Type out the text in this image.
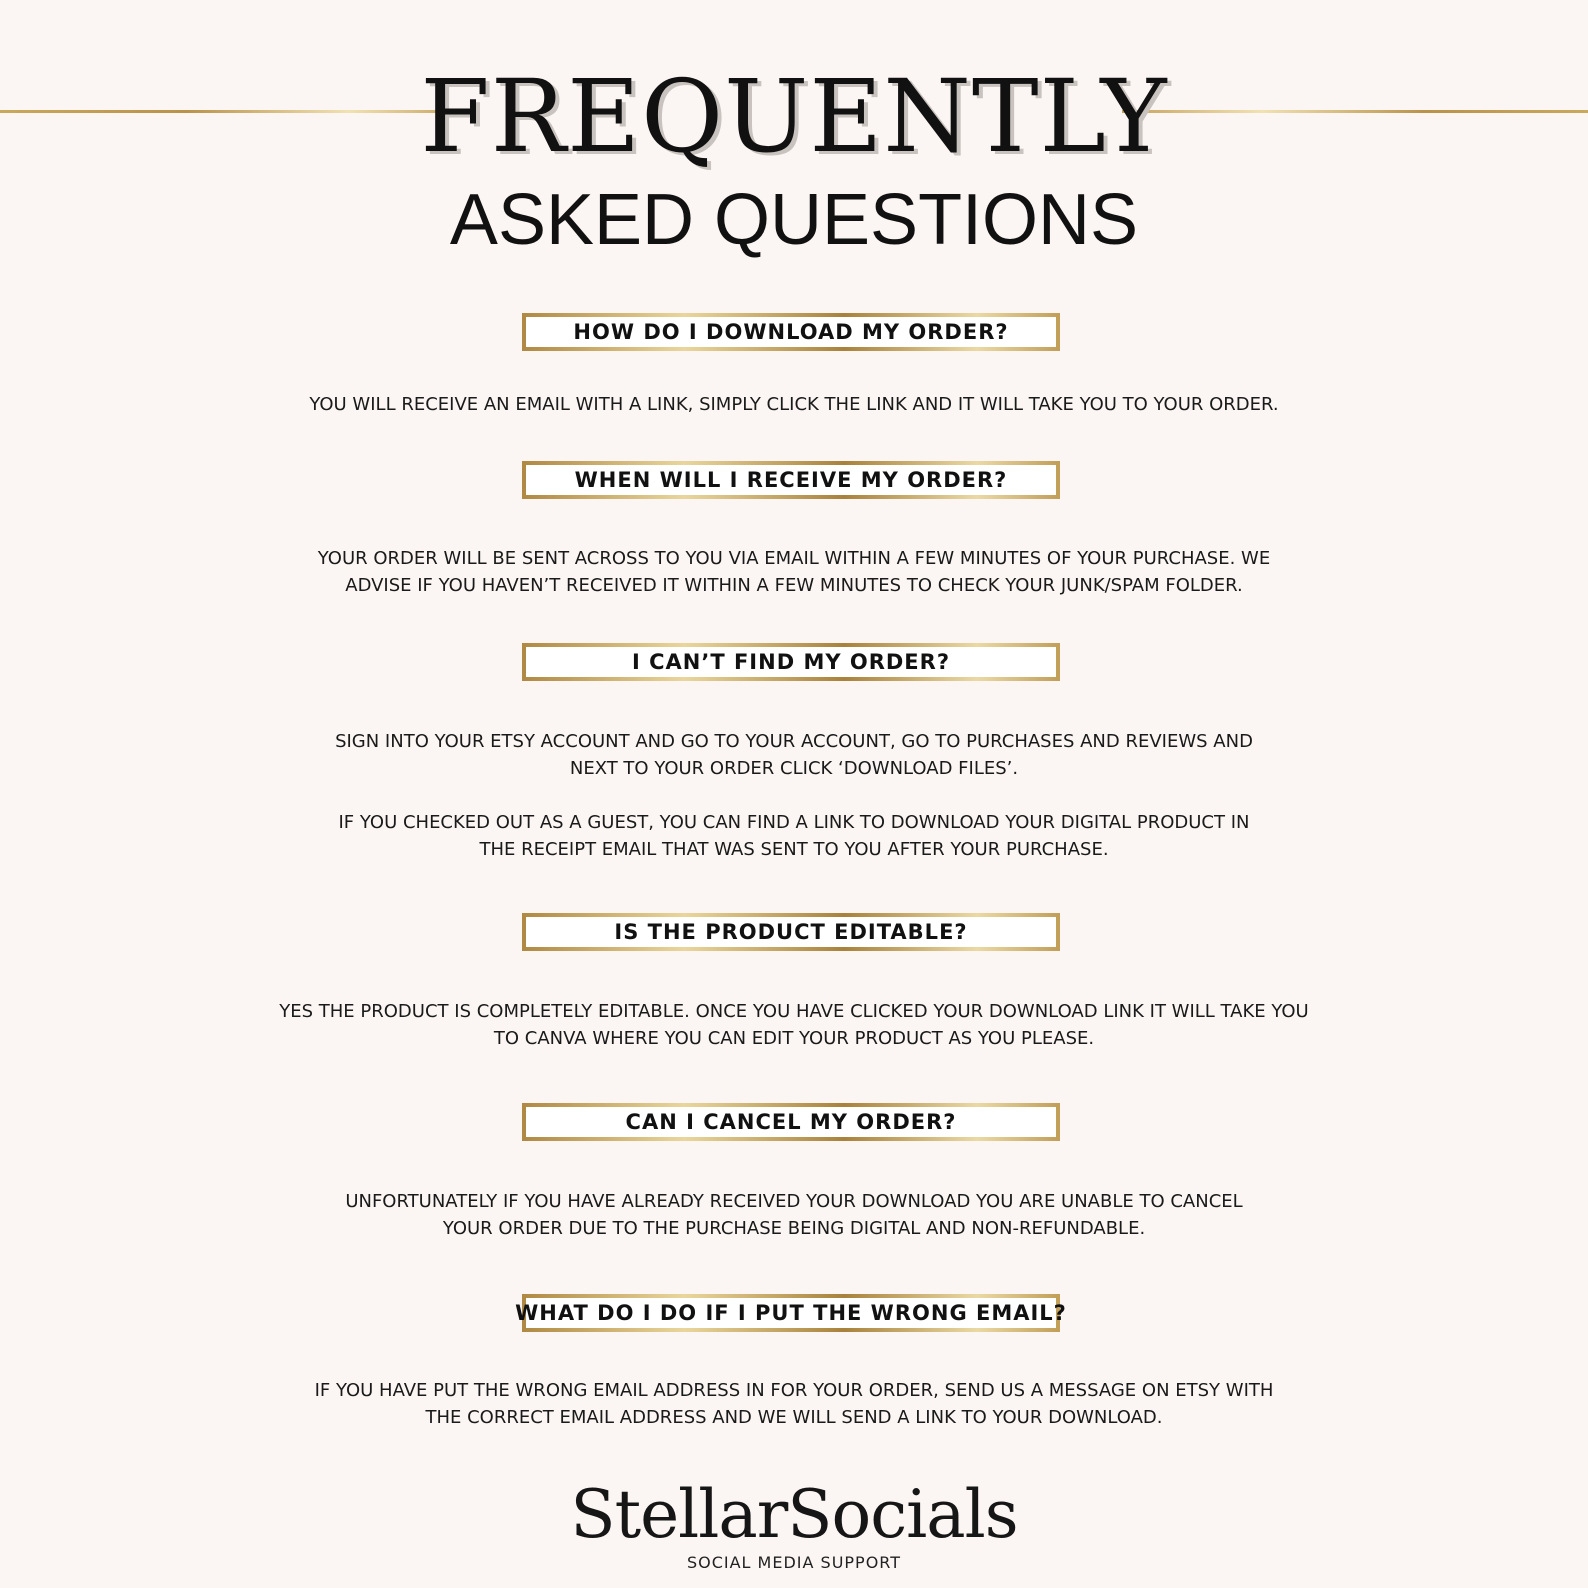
FREQUENTLY
ASKED QUESTIONS
HOW DO I DOWNLOAD MY ORDER?
YOU WILL RECEIVE AN EMAIL WITH A LINK, SIMPLY CLICK THE LINK AND IT WILL TAKE YOU TO YOUR ORDER.
WHEN WILL I RECEIVE MY ORDER?
YOUR ORDER WILL BE SENT ACROSS TO YOU VIA EMAIL WITHIN A FEW MINUTES OF YOUR PURCHASE. WE
ADVISE IF YOU HAVEN’T RECEIVED IT WITHIN A FEW MINUTES TO CHECK YOUR JUNK/SPAM FOLDER.
I CAN’T FIND MY ORDER?
SIGN INTO YOUR ETSY ACCOUNT AND GO TO YOUR ACCOUNT, GO TO PURCHASES AND REVIEWS AND
NEXT TO YOUR ORDER CLICK ‘DOWNLOAD FILES’.
IF YOU CHECKED OUT AS A GUEST, YOU CAN FIND A LINK TO DOWNLOAD YOUR DIGITAL PRODUCT IN
THE RECEIPT EMAIL THAT WAS SENT TO YOU AFTER YOUR PURCHASE.
IS THE PRODUCT EDITABLE?
YES THE PRODUCT IS COMPLETELY EDITABLE. ONCE YOU HAVE CLICKED YOUR DOWNLOAD LINK IT WILL TAKE YOU
TO CANVA WHERE YOU CAN EDIT YOUR PRODUCT AS YOU PLEASE.
CAN I CANCEL MY ORDER?
UNFORTUNATELY IF YOU HAVE ALREADY RECEIVED YOUR DOWNLOAD YOU ARE UNABLE TO CANCEL
YOUR ORDER DUE TO THE PURCHASE BEING DIGITAL AND NON-REFUNDABLE.
WHAT DO I DO IF I PUT THE WRONG EMAIL?
IF YOU HAVE PUT THE WRONG EMAIL ADDRESS IN FOR YOUR ORDER, SEND US A MESSAGE ON ETSY WITH
THE CORRECT EMAIL ADDRESS AND WE WILL SEND A LINK TO YOUR DOWNLOAD.
StellarSocials
SOCIAL MEDIA SUPPORT
